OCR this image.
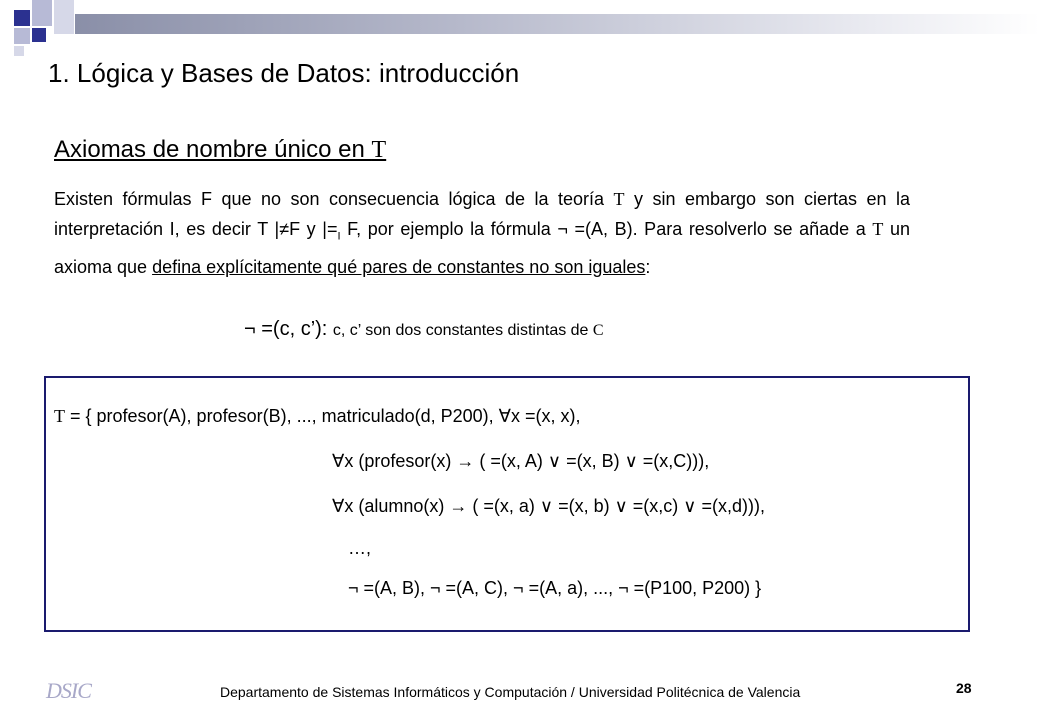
1. Lógica y Bases de Datos: introducción
Axiomas de nombre único en T

Existen fórmulas F que no son consecuencia lógica de la teoría T y sin embargo son ciertas en la interpretación I, es decir T |≠F y $|=_I$ F, por ejemplo la fórmula ¬ =(A, B). Para resolverlo se añade a T un axioma que defina explícitamente qué pares de constantes no son iguales:

¬ =(c, c’): c, c’ son dos constantes distintas de C
T = { profesor(A), profesor(B), ..., matriculado(d, P200), ∀x =(x, x),
∀x (profesor(x) → ( =(x, A) ∨ =(x, B) ∨ =(x,C))),
∀x (alumno(x) → ( =(x, a) ∨ =(x, b) ∨ =(x,c) ∨ =(x,d))),
…,
¬ =(A, B), ¬ =(A, C), ¬ =(A, a), ..., ¬ =(P100, P200) }
DSIC	Departamento de Sistemas Informáticos y Computación / Universidad Politécnica de Valencia	28
